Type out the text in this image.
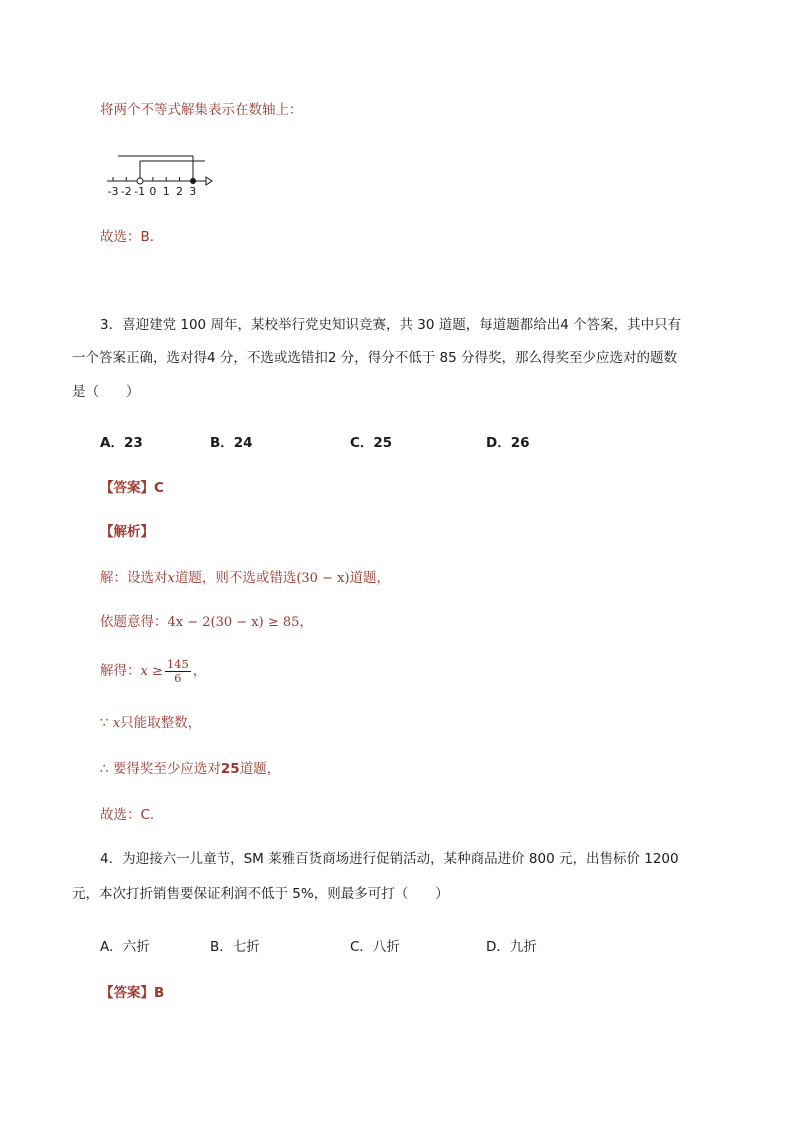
将两个不等式解集表示在数轴上：
-3 -2 -1 0 1 2 3
故选：B．
3．喜迎建党 100 周年，某校举行党史知识竞赛，共 30 道题，每道题都给出4 个答案，其中只有
一个答案正确，选对得4 分，不选或选错扣2 分，得分不低于 85 分得奖，那么得奖至少应选对的题数
是（　　）
A．23	B．24	C．25	D．26
【答案】C
【解析】
解：设选对x道题，则不选或错选(30 − x)道题，
依题意得：4x − 2(30 − x) ≥ 85，
解得：$x \ge \frac{145}{6}$ ，
∵ x只能取整数，
∴ 要得奖至少应选对25道题，
故选：C．
4．为迎接六一儿童节，SM 莱雅百货商场进行促销活动，某种商品进价 800 元，出售标价 1200
元，本次打折销售要保证利润不低于 5%，则最多可打（　　）
A．六折	B．七折	C．八折	D．九折
【答案】B
